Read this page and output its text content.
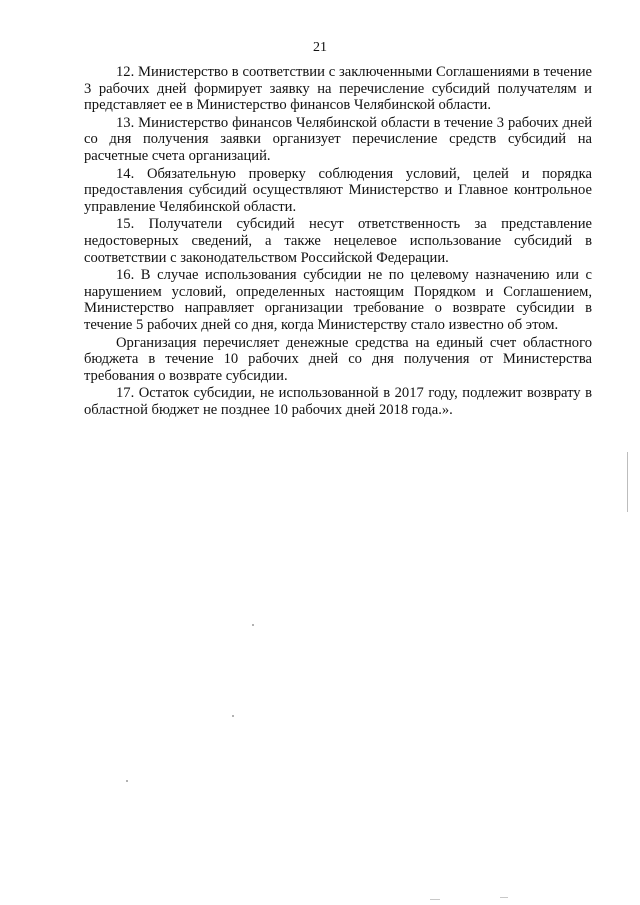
21

12. Министерство в соответствии с заключенными Соглашениями в течение 3 рабочих дней формирует заявку на перечисление субсидий получателям и представляет ее в Министерство финансов Челябинской области.

13. Министерство финансов Челябинской области в течение 3 рабочих дней со дня получения заявки организует перечисление средств субсидий на расчетные счета организаций.

14. Обязательную проверку соблюдения условий, целей и порядка предоставления субсидий осуществляют Министерство и Главное контрольное управление Челябинской области.

15. Получатели субсидий несут ответственность за представление недостоверных сведений, а также нецелевое использование субсидий в соответствии с законодательством Российской Федерации.

16. В случае использования субсидии не по целевому назначению или с нарушением условий, определенных настоящим Порядком и Соглашением, Министерство направляет организации требование о возврате субсидии в течение 5 рабочих дней со дня, когда Министерству стало известно об этом.

Организация перечисляет денежные средства на единый счет областного бюджета в течение 10 рабочих дней со дня получения от Министерства требования о возврате субсидии.

17. Остаток субсидии, не использованной в 2017 году, подлежит возврату в областной бюджет не позднее 10 рабочих дней 2018 года.».
